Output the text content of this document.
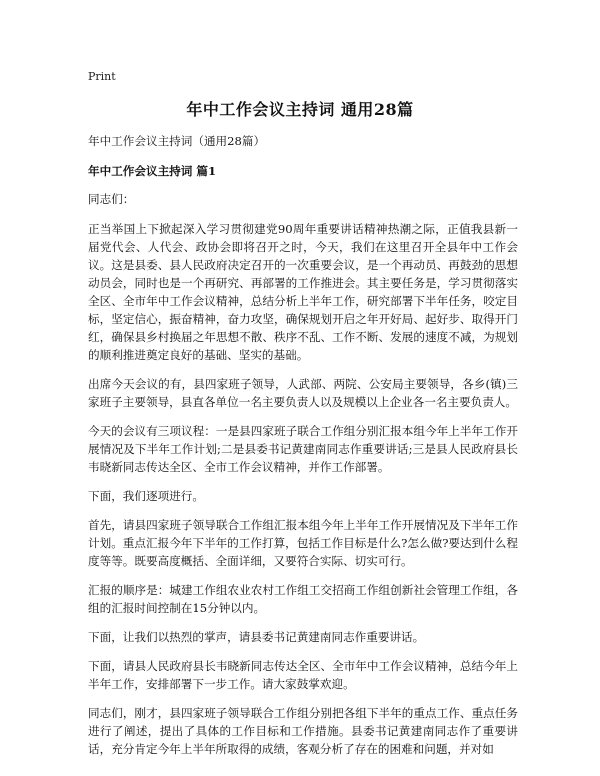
Print
年中工作会议主持词 通用28篇

年中工作会议主持词（通用28篇）

年中工作会议主持词 篇1

同志们：

正当举国上下掀起深入学习贯彻建党90周年重要讲话精神热潮之际，正值我县新一届党代会、人代会、政协会即将召开之时，今天，我们在这里召开全县年中工作会议。这是县委、县人民政府决定召开的一次重要会议，是一个再动员、再鼓劲的思想动员会，同时也是一个再研究、再部署的工作推进会。其主要任务是，学习贯彻落实全区、全市年中工作会议精神，总结分析上半年工作，研究部署下半年任务，咬定目标，坚定信心，振奋精神，奋力攻坚，确保规划开启之年开好局、起好步、取得开门红，确保县乡村换届之年思想不散、秩序不乱、工作不断、发展的速度不减，为规划的顺利推进奠定良好的基础、坚实的基础。

出席今天会议的有，县四家班子领导，人武部、两院、公安局主要领导，各乡(镇)三家班子主要领导，县直各单位一名主要负责人以及规模以上企业各一名主要负责人。

今天的会议有三项议程：一是县四家班子联合工作组分别汇报本组今年上半年工作开展情况及下半年工作计划;二是县委书记黄建南同志作重要讲话;三是县人民政府县长韦晓新同志传达全区、全市工作会议精神，并作工作部署。

下面，我们逐项进行。

首先，请县四家班子领导联合工作组汇报本组今年上半年工作开展情况及下半年工作计划。重点汇报今年下半年的工作打算，包括工作目标是什么?怎么做?要达到什么程度等等。既要高度概括、全面详细，又要符合实际、切实可行。

汇报的顺序是：城建工作组农业农村工作组工交招商工作组创新社会管理工作组，各组的汇报时间控制在15分钟以内。

下面，让我们以热烈的掌声，请县委书记黄建南同志作重要讲话。

下面，请县人民政府县长韦晓新同志传达全区、全市年中工作会议精神，总结今年上半年工作，安排部署下一步工作。请大家鼓掌欢迎。

同志们，刚才，县四家班子领导联合工作组分别把各组下半年的重点工作、重点任务进行了阐述，提出了具体的工作目标和工作措施。县委书记黄建南同志作了重要讲话，充分肯定今年上半年所取得的成绩，客观分析了存在的困难和问题，并对如
